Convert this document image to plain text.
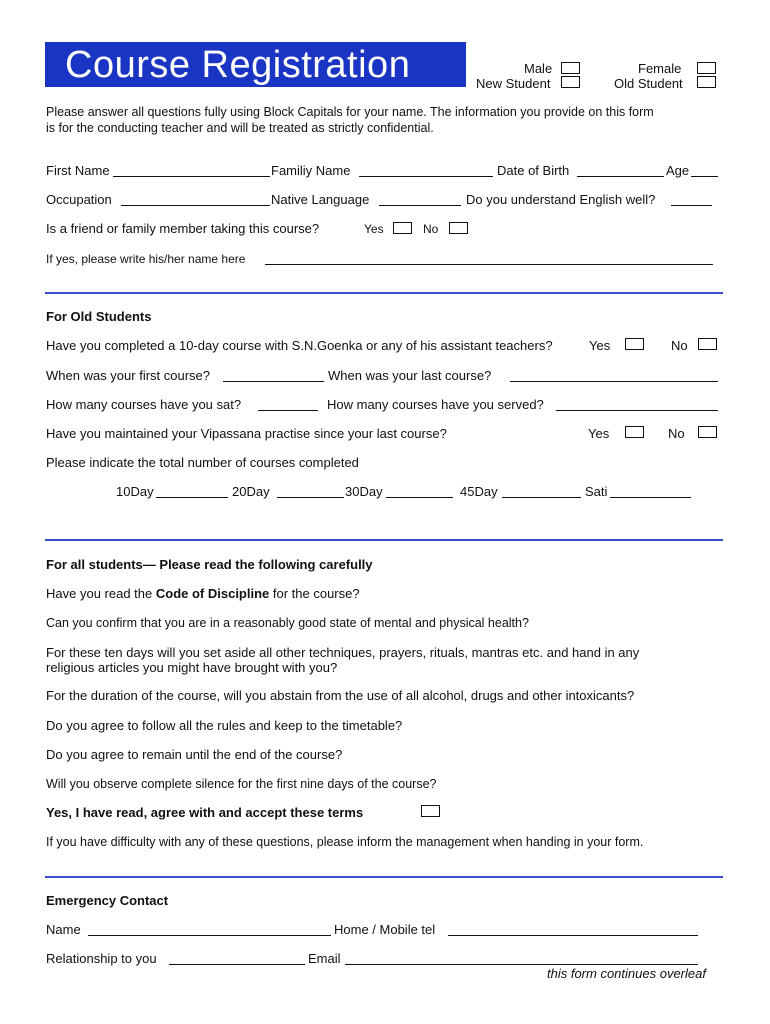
Course Registration	Male	Female
New Student	Old Student
Please answer all questions fully using Block Capitals for your name. The information you provide on this form
is for the conducting teacher and will be treated as strictly confidential.
First Name	Familiy Name	Date of Birth	Age
Occupation	Native Language	Do you understand English well?
Is a friend or family member taking this course?	Yes	No
If yes, please write his/her name here
For Old Students
Have you completed a 10-day course with S.N.Goenka or any of his assistant teachers?	Yes	No
When was your first course?	When was your last course?
How many courses have you sat?	How many courses have you served?
Have you maintained your Vipassana practise since your last course?	Yes	No
Please indicate the total number of courses completed
10Day	20Day	30Day	45Day	Sati
For all students— Please read the following carefully
Have you read the Code of Discipline for the course?
Can you confirm that you are in a reasonably good state of mental and physical health?
For these ten days will you set aside all other techniques, prayers, rituals, mantras etc. and hand in any
religious articles you might have brought with you?
For the duration of the course, will you abstain from the use of all alcohol, drugs and other intoxicants?
Do you agree to follow all the rules and keep to the timetable?
Do you agree to remain until the end of the course?
Will you observe complete silence for the first nine days of the course?
Yes, I have read, agree with and accept these terms
If you have difficulty with any of these questions, please inform the management when handing in your form.
Emergency Contact
Name	Home / Mobile tel
Relationship to you	Email
this form continues overleaf
